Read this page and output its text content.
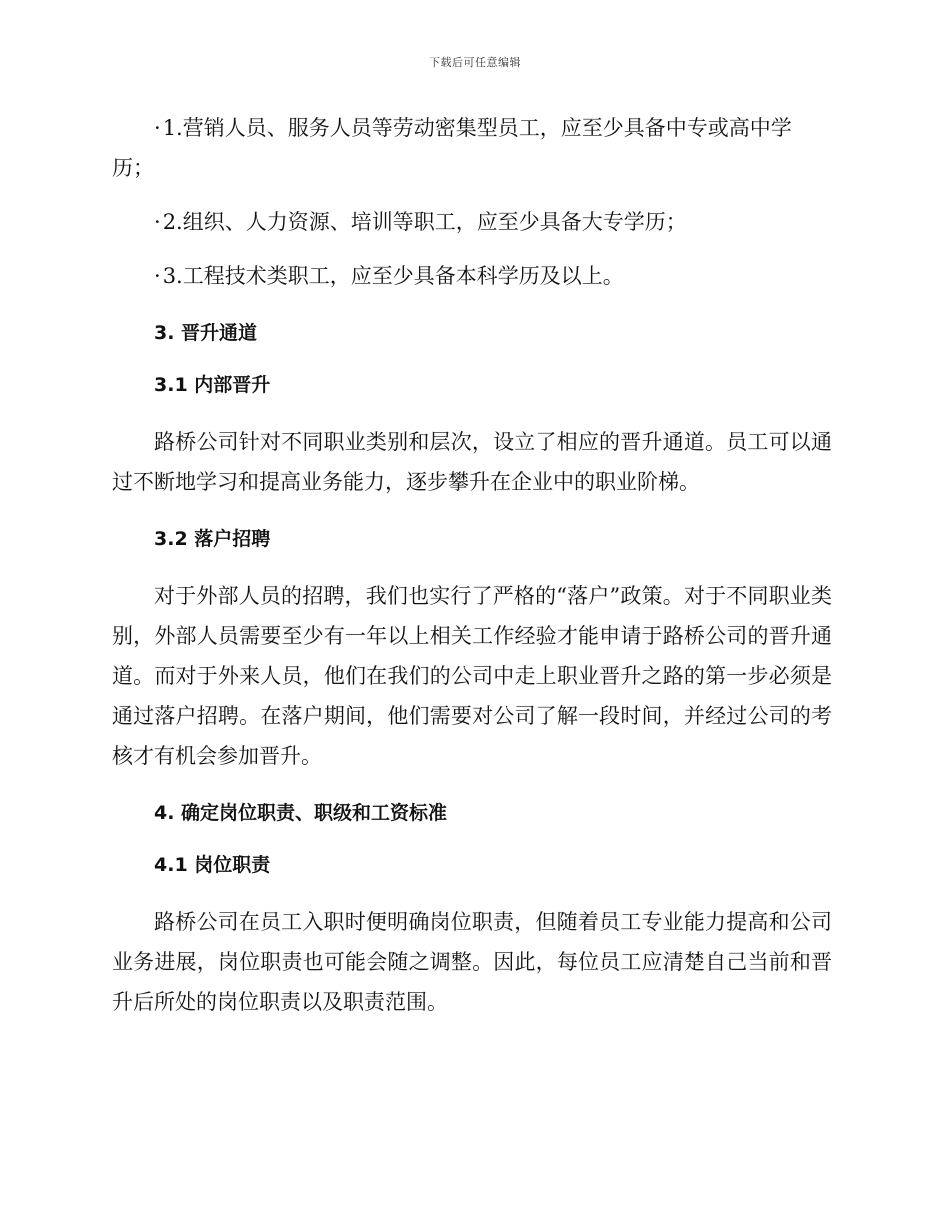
下载后可任意编辑

·1.营销人员、服务人员等劳动密集型员工，应至少具备中专或高中学历；

·2.组织、人力资源、培训等职工，应至少具备大专学历；

·3.工程技术类职工，应至少具备本科学历及以上。

3. 晋升通道
3.1 内部晋升

路桥公司针对不同职业类别和层次，设立了相应的晋升通道。员工可以通过不断地学习和提高业务能力，逐步攀升在企业中的职业阶梯。

3.2 落户招聘

对于外部人员的招聘，我们也实行了严格的“落户”政策。对于不同职业类别，外部人员需要至少有一年以上相关工作经验才能申请于路桥公司的晋升通道。而对于外来人员，他们在我们的公司中走上职业晋升之路的第一步必须是通过落户招聘。在落户期间，他们需要对公司了解一段时间，并经过公司的考核才有机会参加晋升。

4. 确定岗位职责、职级和工资标准
4.1 岗位职责

路桥公司在员工入职时便明确岗位职责，但随着员工专业能力提高和公司业务进展，岗位职责也可能会随之调整。因此，每位员工应清楚自己当前和晋升后所处的岗位职责以及职责范围。
